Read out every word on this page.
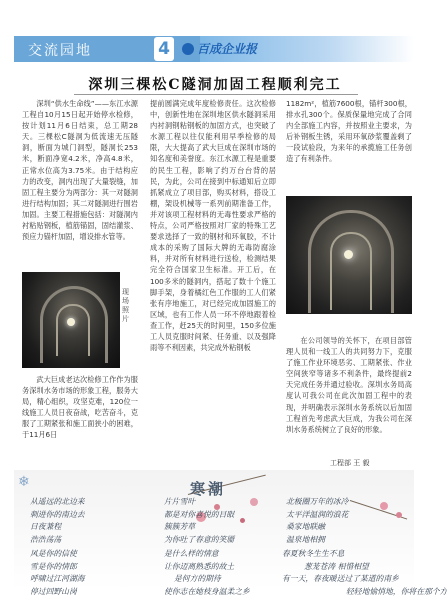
交流园地	4	百成企业报
深圳三棵松C隧洞加固工程顺利完工

深圳“供水生命线”——东江水源工程自10月15日起开始停水检修，按计划11月6日结束，总工期28天。三棵松C隧洞为低流速无压隧洞，断面为城门洞型，隧洞长253米，断面净宽4.2米，净高4.8米，正常水位高为3.75米。由于结构应力的改变，洞内出现了大量裂缝，加固工程主要分为两部分：其一对隧洞进行结构加固；其二对隧洞进行围岩加固。主要工程措施包括：对隧洞内衬粘贴钢板，植筋锚固，固结灌浆、预应力锚杆加固，增设排水管等。

现场照片

武大巨成老达次检修工作作为服务深圳水务市场的形象工程，服务大局，精心组织，攻坚克难，120位一线施工人员日夜奋战，吃苦奋斗，克服了工期紧张和施工面狭小的困难，于11月6日

提前圆满完成年度检修责任。这次检修中，创新性地在深圳地区供水隧洞采用内衬洞钢粘钢板的加固方式，也突破了水源工程以往仅能利用早季检修的局限，大大提高了武大巨成在深圳市场的知名度和美誉度。东江水源工程是重要的民生工程，影响了约万台台背的居民，为此，公司在接到中标通知后立即抓紧成立了项目部，购买材料，搭设工棚，架设机械等一系列前期准备工作，并对该项工程材料的无毒性要求严格的特点，公司严格按照对厂家的特殊工艺要求选择了一致的钢材和环氧胶，不计成本的采购了国际大牌的无毒防腐涂料，并对所有材料进行送检，检测结果完全符合国家卫生标准。开工后，在100多米的隧洞内，搭起了数十个施工脚手架，身着橘红色工作服的工人们紧张有序地施工，对已经完成加固施工的区域，也有工作人员一环不停地跟着检查工作，赶25天的时间里，150多位施工人员克服时间紧、任务重、以及强降雨等不利因素，共完成外粘钢板

1182m²，植筋7600根，锚杆300根，排水孔300个。保质保量地完成了合同内全部施工内容，并按照业主要求，为后补钢板生锈，采用环氧砂浆覆盖剩了一段试验段，为来年的承揽施工任务创造了有利条件。

在公司领导的关怀下，在项目部管理人员和一线工人的共同努力下，克服了施工作业环境恶劣、工期紧张、作业空间狭窄等诸多不利条件，最终提前2天完成任务并通过验收。深圳水务局高度认可我公司在此次加固工程中的表现，并明确表示深圳水务系统以后加固工程首先考虑武大巨成，为我公司在深圳水务系统树立了良好的形象。

工程部 王 毅
❄	寒潮
从遥远的北边来
刺进你的南边去
日夜兼程
浩浩荡荡
片片雪叶
都是对你喜悦的目眼
簇簇芳草
为你吐了春意的笑靥
北极圈万年的冰冷
太平洋温润的浪花
桑家地联融
温泉地相拥
风是你的信使
雪是你的情郎
呼啸过江河湖海
停过回野山岗
是什么样的情意
让你迈离熟悉的故土
是何方的期待
使你志在她枝身温柔之乡
春夏秋冬生生不息
葱茏苍涛 相惜相望
有一天，春夜暖送过了某道的南乡
轻轻地愉悄地，你将在那个方
